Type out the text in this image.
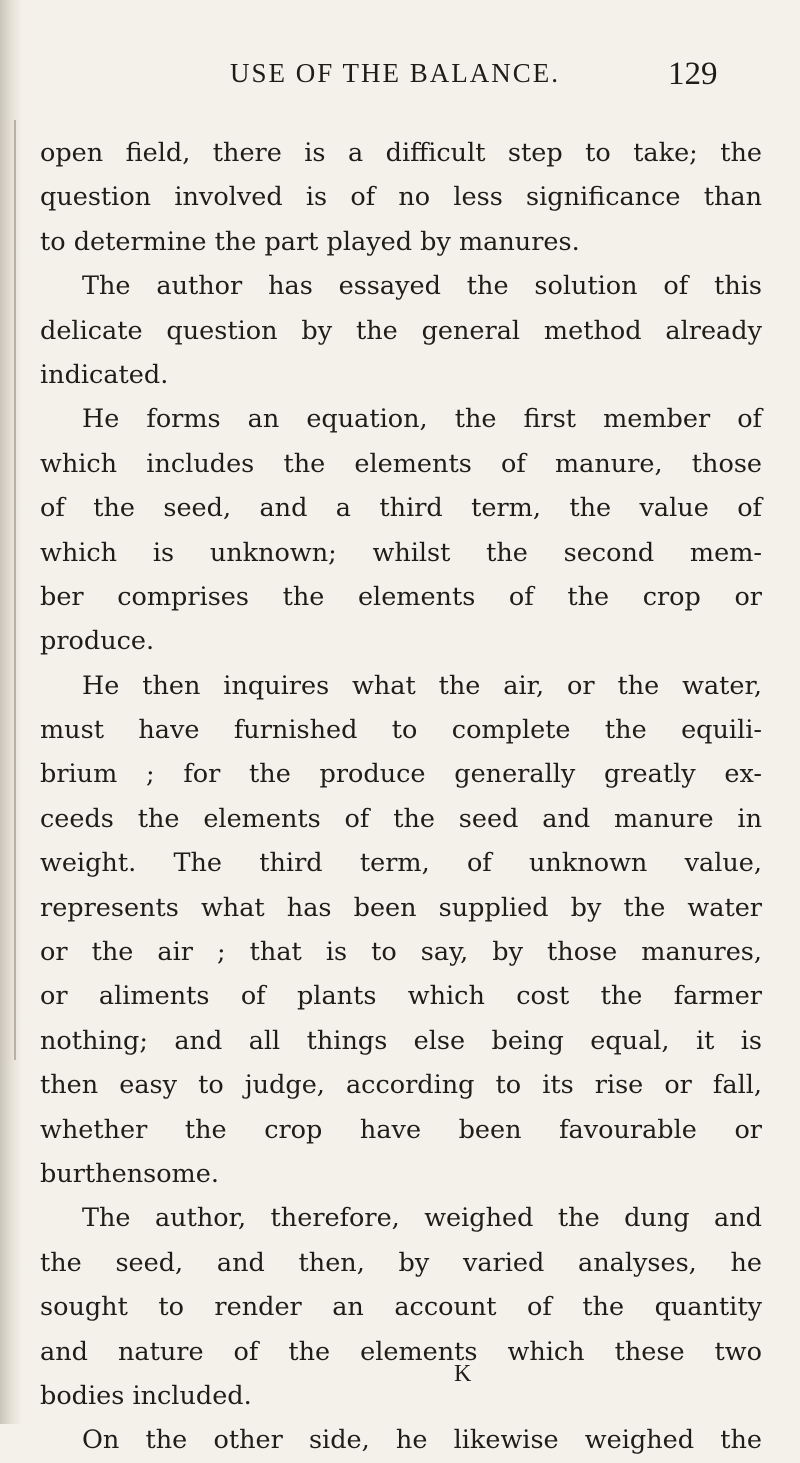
USE OF THE BALANCE.	129
open field, there is a difficult step to take; the
question involved is of no less significance than
to determine the part played by manures.
The author has essayed the solution of this
delicate question by the general method already
indicated.
He forms an equation, the first member of
which includes the elements of manure, those
of the seed, and a third term, the value of
which is unknown; whilst the second mem-
ber comprises the elements of the crop or
produce.
He then inquires what the air, or the water,
must have furnished to complete the equili-
brium ; for the produce generally greatly ex-
ceeds the elements of the seed and manure in
weight. The third term, of unknown value,
represents what has been supplied by the water
or the air ; that is to say, by those manures,
or aliments of plants which cost the farmer
nothing; and all things else being equal, it is
then easy to judge, according to its rise or fall,
whether the crop have been favourable or
burthensome.
The author, therefore, weighed the dung and
the seed, and then, by varied analyses, he
sought to render an account of the quantity
and nature of the elements which these two
bodies included.
On the other side, he likewise weighed the
K
